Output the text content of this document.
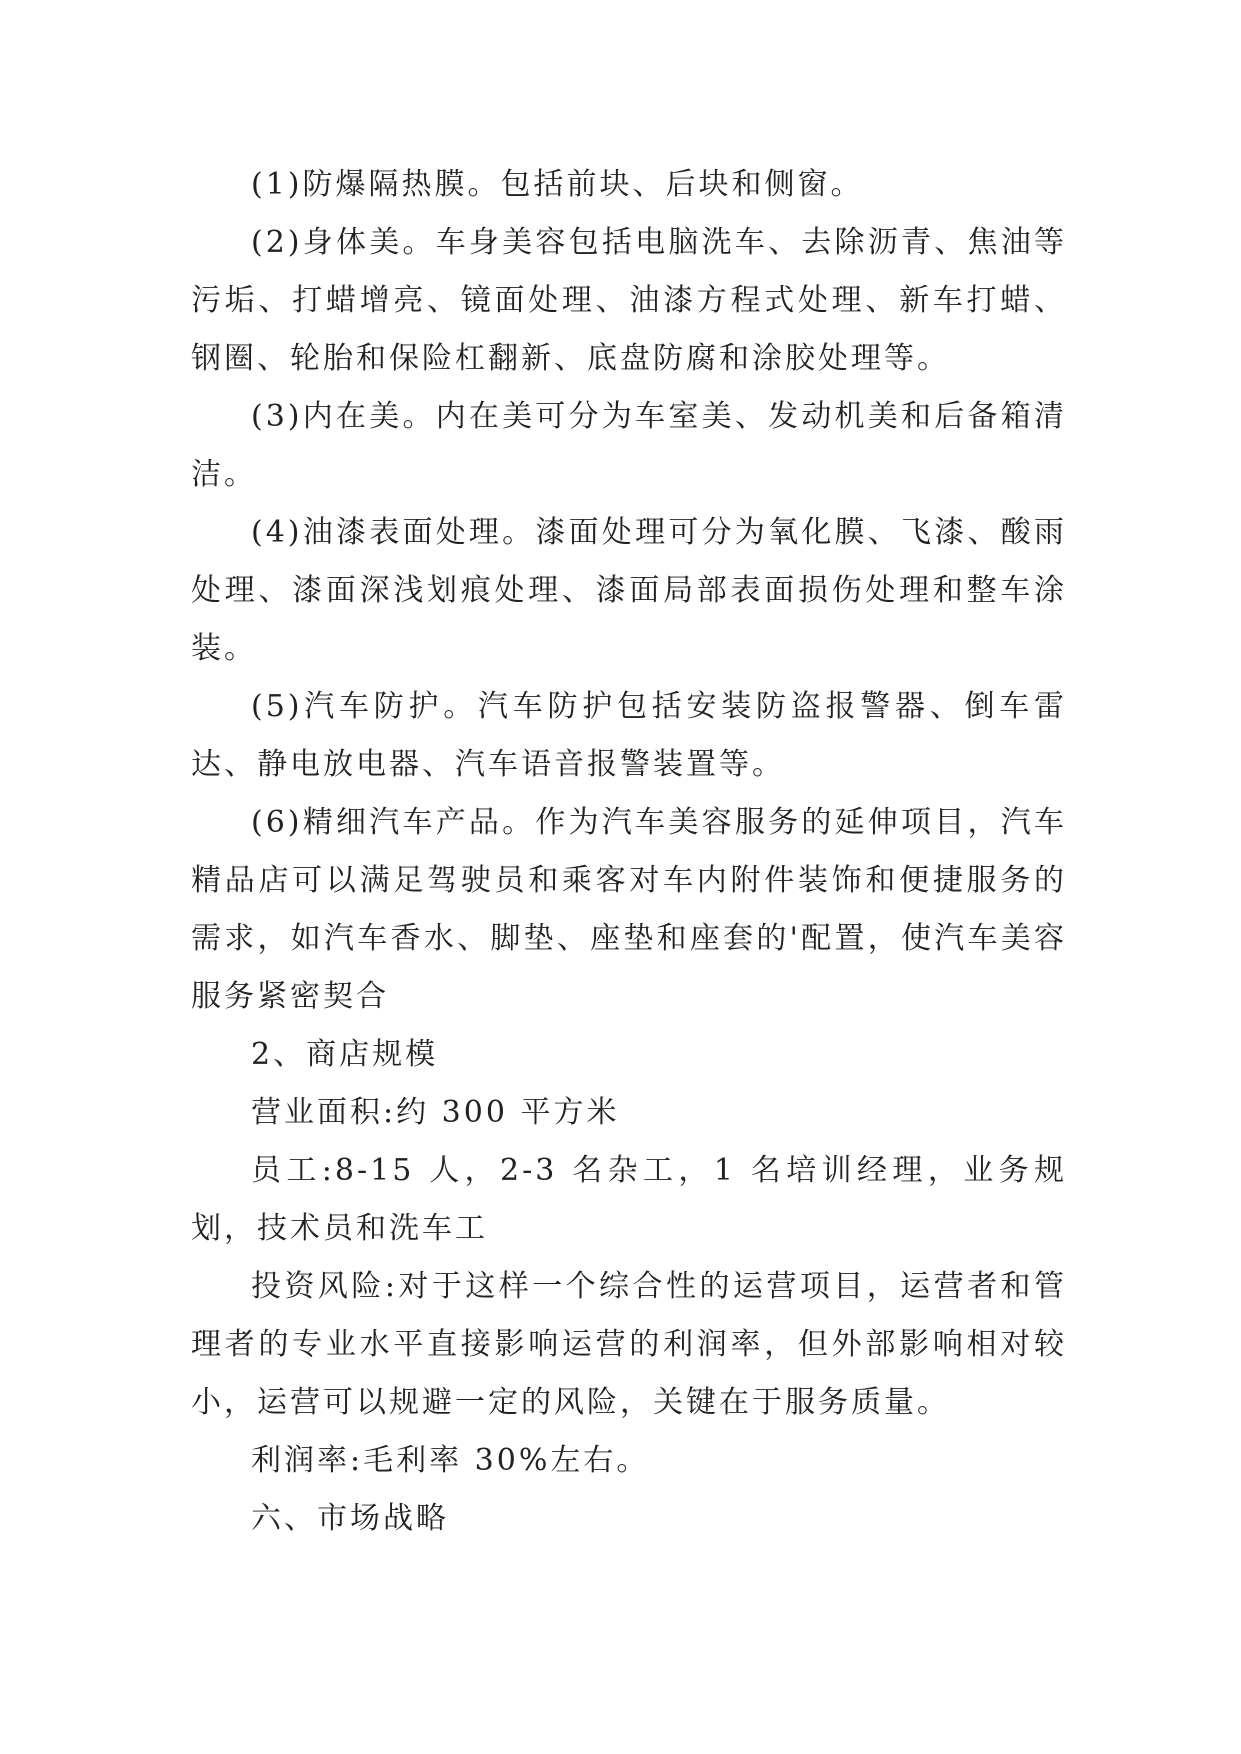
(1)防爆隔热膜。包括前块、后块和侧窗。

(2)身体美。车身美容包括电脑洗车、去除沥青、焦油等污垢、打蜡增亮、镜面处理、油漆方程式处理、新车打蜡、钢圈、轮胎和保险杠翻新、底盘防腐和涂胶处理等。

(3)内在美。内在美可分为车室美、发动机美和后备箱清洁。

(4)油漆表面处理。漆面处理可分为氧化膜、飞漆、酸雨处理、漆面深浅划痕处理、漆面局部表面损伤处理和整车涂装。

(5)汽车防护。汽车防护包括安装防盗报警器、倒车雷达、静电放电器、汽车语音报警装置等。

(6)精细汽车产品。作为汽车美容服务的延伸项目，汽车精品店可以满足驾驶员和乘客对车内附件装饰和便捷服务的需求，如汽车香水、脚垫、座垫和座套的'配置，使汽车美容服务紧密契合

2、商店规模

营业面积:约 300 平方米

员工:8-15 人，2-3 名杂工，1 名培训经理，业务规划，技术员和洗车工

投资风险:对于这样一个综合性的运营项目，运营者和管理者的专业水平直接影响运营的利润率，但外部影响相对较小，运营可以规避一定的风险，关键在于服务质量。

利润率:毛利率 30%左右。

六、市场战略
